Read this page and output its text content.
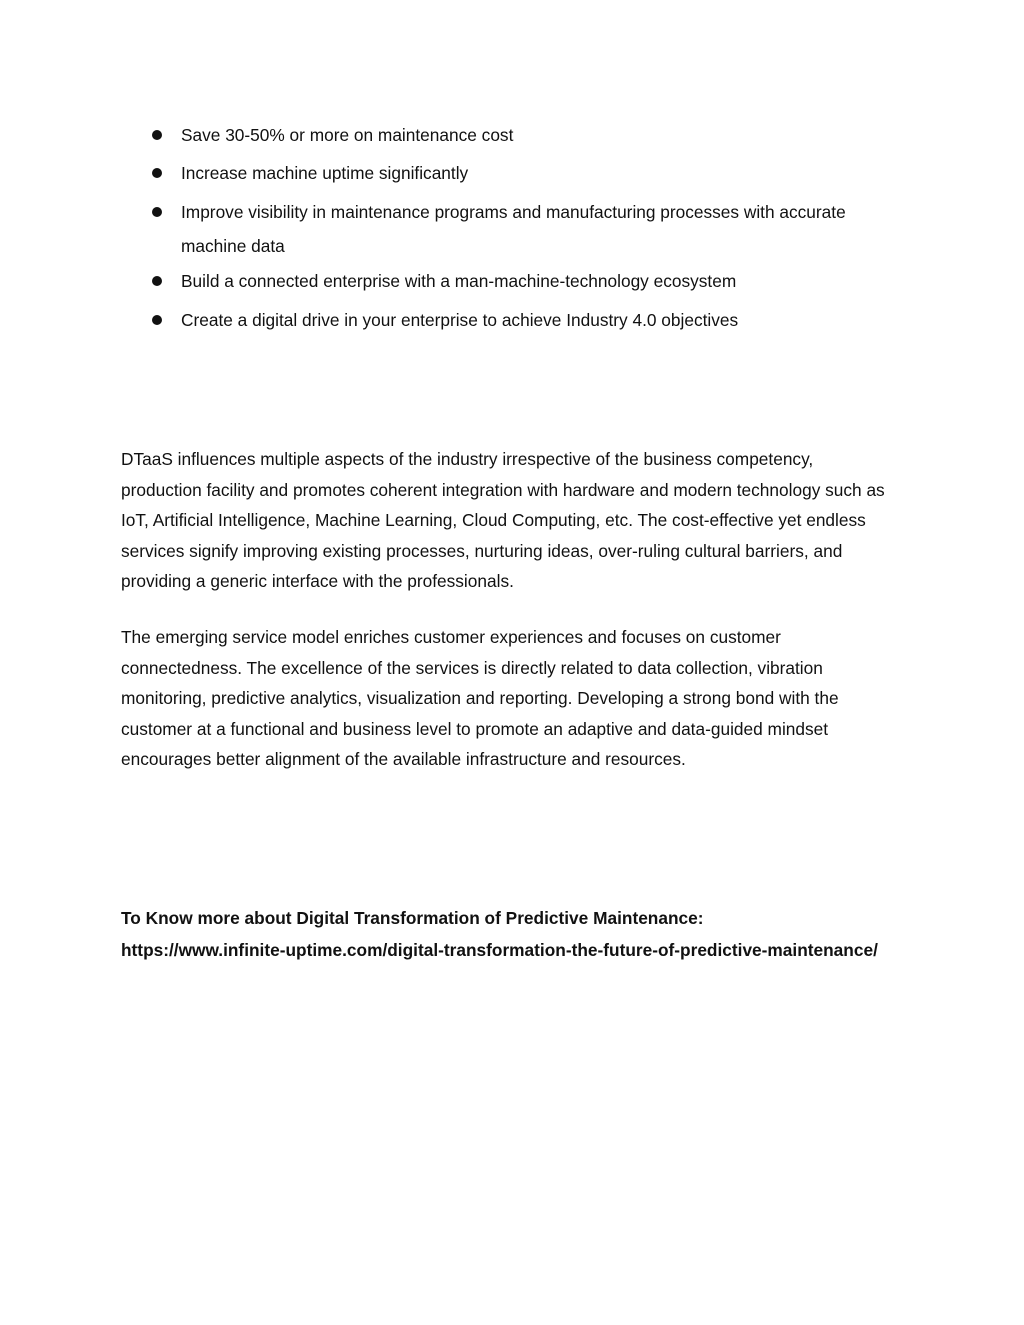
Save 30-50% or more on maintenance cost
Increase machine uptime significantly
Improve visibility in maintenance programs and manufacturing processes with accurate machine data
Build a connected enterprise with a man-machine-technology ecosystem
Create a digital drive in your enterprise to achieve Industry 4.0 objectives

DTaaS influences multiple aspects of the industry irrespective of the business competency, production facility and promotes coherent integration with hardware and modern technology such as IoT, Artificial Intelligence, Machine Learning, Cloud Computing, etc. The cost-effective yet endless services signify improving existing processes, nurturing ideas, over-ruling cultural barriers, and providing a generic interface with the professionals.

The emerging service model enriches customer experiences and focuses on customer connectedness. The excellence of the services is directly related to data collection, vibration monitoring, predictive analytics, visualization and reporting. Developing a strong bond with the customer at a functional and business level to promote an adaptive and data-guided mindset encourages better alignment of the available infrastructure and resources.

To Know more about Digital Transformation of Predictive Maintenance:
https://www.infinite-uptime.com/digital-transformation-the-future-of-predictive-maintenance/
